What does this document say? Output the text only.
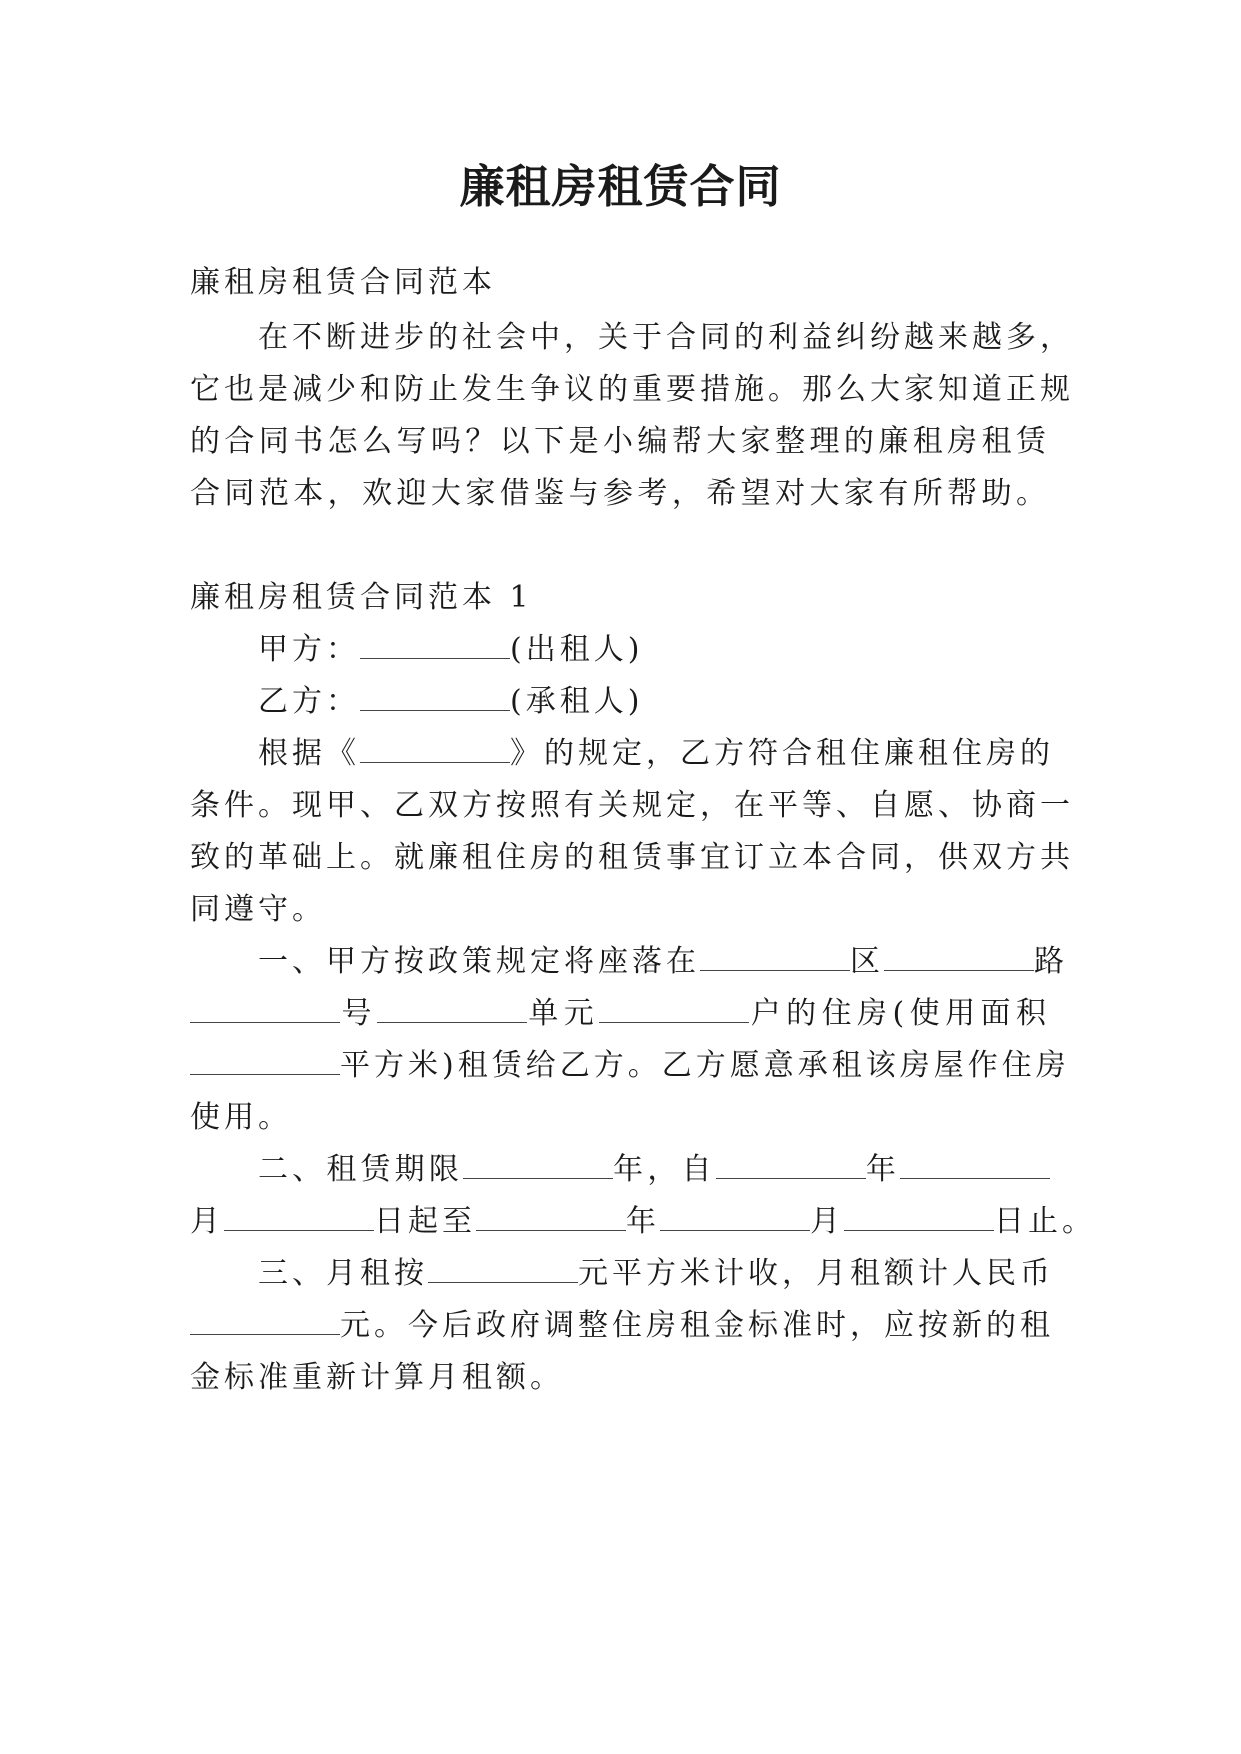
廉租房租赁合同
廉租房租赁合同范本
在不断进步的社会中，关于合同的利益纠纷越来越多，
它也是减少和防止发生争议的重要措施。那么大家知道正规
的合同书怎么写吗？以下是小编帮大家整理的廉租房租赁
合同范本，欢迎大家借鉴与参考，希望对大家有所帮助。
廉租房租赁合同范本 1
甲方：	(出租人)
乙方：	(承租人)
根据《	》的规定，乙方符合租住廉租住房的
条件。现甲、乙双方按照有关规定，在平等、自愿、协商一
致的革础上。就廉租住房的租赁事宜订立本合同，供双方共
同遵守。
一、甲方按政策规定将座落在	区	路
号	单元	户的住房(使用面积
平方米)租赁给乙方。乙方愿意承租该房屋作住房
使用。
二、租赁期限	年，自	年
月	日起至	年	月	日止。
三、月租按	元平方米计收，月租额计人民币
元。今后政府调整住房租金标准时，应按新的租
金标准重新计算月租额。
